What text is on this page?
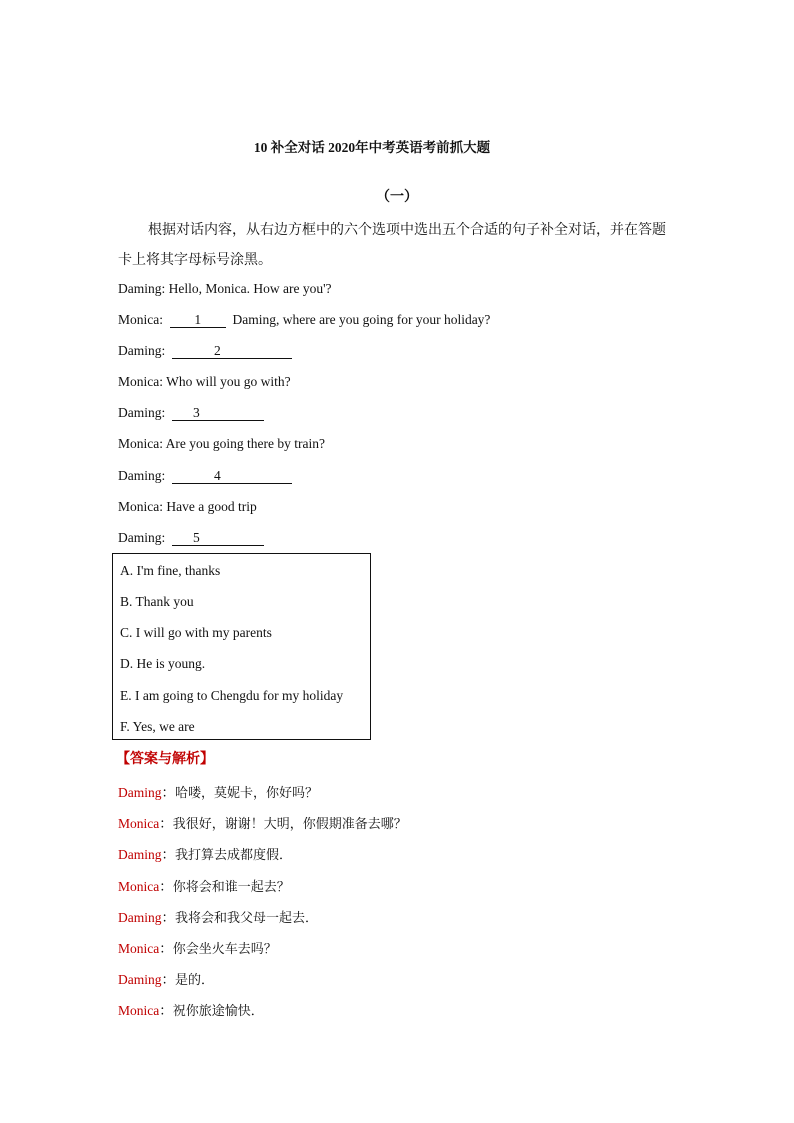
10 补全对话 2020年中考英语考前抓大题
（一）
根据对话内容，从右边方框中的六个选项中选出五个合适的句子补全对话，并在答题卡上将其字母标号涂黑。
Daming: Hello, Monica. How are you'?
Monica:  1  Daming, where are you going for your holiday?
Daming:	2
Monica: Who will you go with?
Daming:  3
Monica: Are you going there by train?
Daming:	4
Monica: Have a good trip
Daming:  5
A. I'm fine, thanks
B. Thank you
C. I will go with my parents
D. He is young.
E. I am going to Chengdu for my holiday
F. Yes, we are
【答案与解析】
Daming：哈喽，莫妮卡，你好吗？
Monica：我很好，谢谢！大明，你假期准备去哪？
Daming：我打算去成都度假．
Monica：你将会和谁一起去？
Daming：我将会和我父母一起去．
Monica：你会坐火车去吗？
Daming：是的．
Monica：祝你旅途愉快．
